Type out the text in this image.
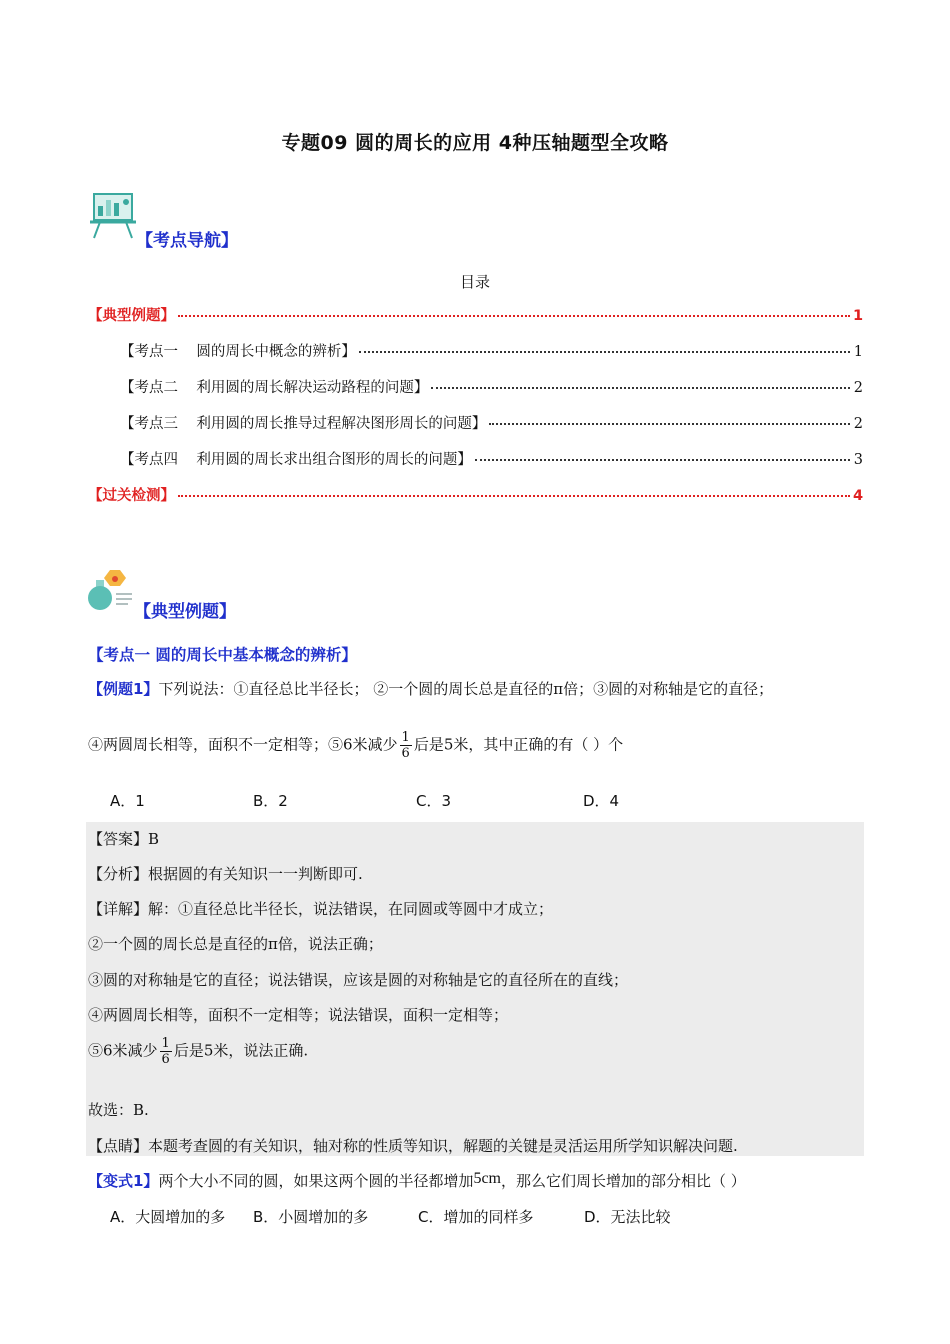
专题09 圆的周长的应用 4种压轴题型全攻略
【考点导航】
目录
【典型例题】	1
【考点一    圆的周长中概念的辨析】	1
【考点二    利用圆的周长解决运动路程的问题】	2
【考点三    利用圆的周长推导过程解决图形周长的问题】	2
【考点四    利用圆的周长求出组合图形的周长的问题】	3
【过关检测】	4
【典型例题】
【考点一 圆的周长中基本概念的辨析】
【例题1】下列说法：①直径总比半径长； ②一个圆的周长总是直径的π倍；③圆的对称轴是它的直径；
④两圆周长相等，面积不一定相等；⑤6米减少 $\frac{1}{6}$ 后是5米，其中正确的有（ ）个
A．1	B．2	C．3	D．4
【答案】B
【分析】根据圆的有关知识一一判断即可.
【详解】解：①直径总比半径长，说法错误，在同圆或等圆中才成立；
②一个圆的周长总是直径的π倍，说法正确；
③圆的对称轴是它的直径；说法错误，应该是圆的对称轴是它的直径所在的直线；
④两圆周长相等，面积不一定相等；说法错误，面积一定相等；
⑤6米减少 $\frac{1}{6}$ 后是5米，说法正确.
故选：B.
【点睛】本题考查圆的有关知识，轴对称的性质等知识，解题的关键是灵活运用所学知识解决问题.
【变式1】两个大小不同的圆，如果这两个圆的半径都增加5cm，那么它们周长增加的部分相比（ ）
A．大圆增加的多 B．小圆增加的多	C．增加的同样多	D．无法比较
